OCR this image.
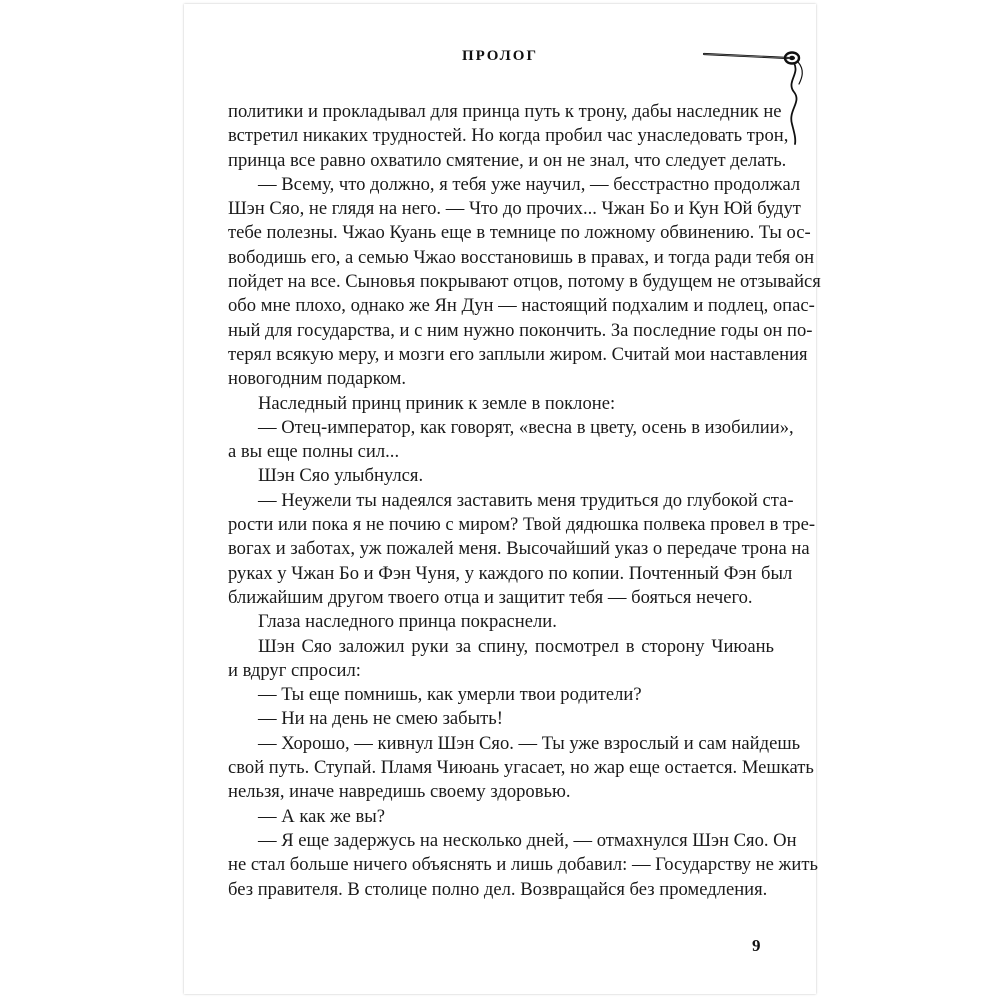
ПРОЛОГ
политики и прокладывал для принца путь к трону, дабы наследник не
встретил никаких трудностей. Но когда пробил час унаследовать трон,
принца все равно охватило смятение, и он не знал, что следует делать.
— Всему, что должно, я тебя уже научил, — бесстрастно продолжал
Шэн Сяо, не глядя на него. — Что до прочих... Чжан Бо и Кун Юй будут
тебе полезны. Чжао Куань еще в темнице по ложному обвинению. Ты ос-
вободишь его, а семью Чжао восстановишь в правах, и тогда ради тебя он
пойдет на все. Сыновья покрывают отцов, потому в будущем не отзывайся
обо мне плохо, однако же Ян Дун — настоящий подхалим и подлец, опас-
ный для государства, и с ним нужно покончить. За последние годы он по-
терял всякую меру, и мозги его заплыли жиром. Считай мои наставления
новогодним подарком.
Наследный принц приник к земле в поклоне:
— Отец-император, как говорят, «весна в цвету, осень в изобилии»,
а вы еще полны сил...
Шэн Сяо улыбнулся.
— Неужели ты надеялся заставить меня трудиться до глубокой ста-
рости или пока я не почию с миром? Твой дядюшка полвека провел в тре-
вогах и заботах, уж пожалей меня. Высочайший указ о передаче трона на
руках у Чжан Бо и Фэн Чуня, у каждого по копии. Почтенный Фэн был
ближайшим другом твоего отца и защитит тебя — бояться нечего.
Глаза наследного принца покраснели.
Шэн Сяо заложил руки за спину, посмотрел в сторону Чиюань
и вдруг спросил:
— Ты еще помнишь, как умерли твои родители?
— Ни на день не смею забыть!
— Хорошо, — кивнул Шэн Сяо. — Ты уже взрослый и сам найдешь
свой путь. Ступай. Пламя Чиюань угасает, но жар еще остается. Мешкать
нельзя, иначе навредишь своему здоровью.
— А как же вы?
— Я еще задержусь на несколько дней, — отмахнулся Шэн Сяо. Он
не стал больше ничего объяснять и лишь добавил: — Государству не жить
без правителя. В столице полно дел. Возвращайся без промедления.
9
